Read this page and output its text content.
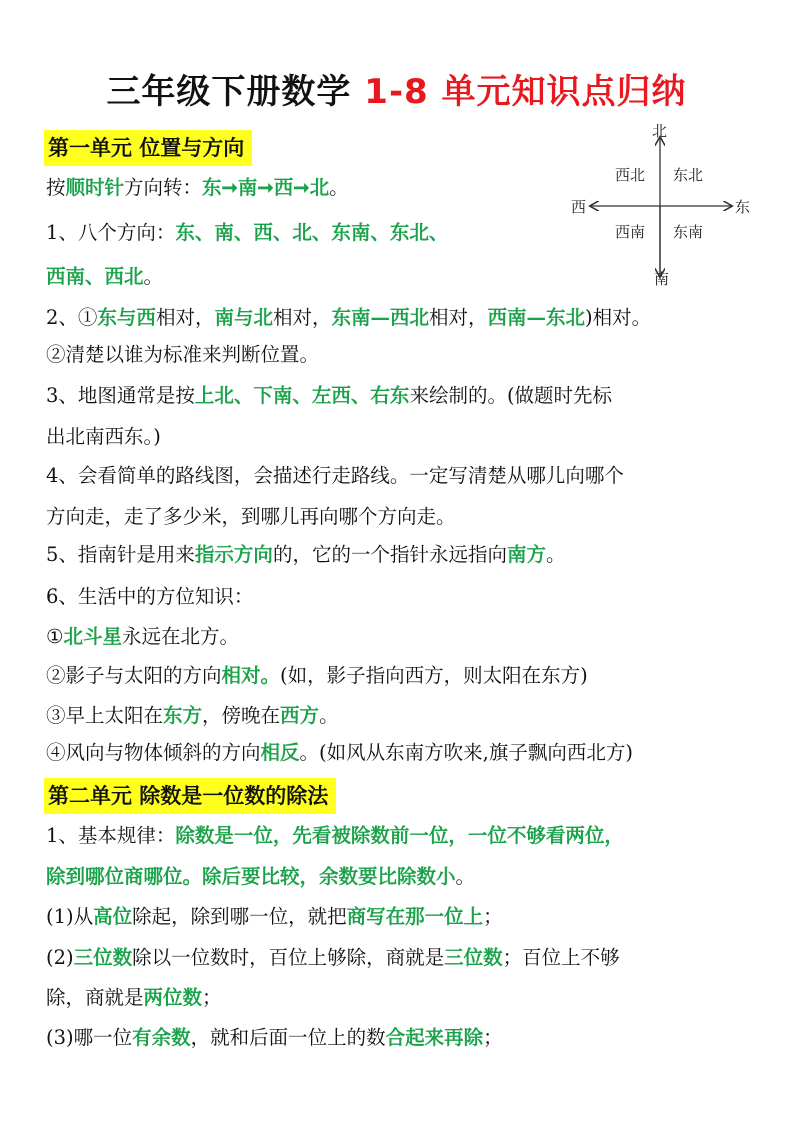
三年级下册数学 1-8 单元知识点归纳
北
南
西	东
西北 东北
西南 东南
第一单元 位置与方向
按顺时针方向转：东➞南➞西➞北。
1、八个方向：东、南、西、北、东南、东北、
西南、西北。
2、①东与西相对，南与北相对，东南—西北相对，西南—东北)相对。
②清楚以谁为标准来判断位置。
3、地图通常是按上北、下南、左西、右东来绘制的。(做题时先标
出北南西东。)
4、会看简单的路线图，会描述行走路线。一定写清楚从哪儿向哪个
方向走，走了多少米，到哪儿再向哪个方向走。
5、指南针是用来指示方向的，它的一个指针永远指向南方。
6、生活中的方位知识：
①北斗星永远在北方。
②影子与太阳的方向相对。(如，影子指向西方，则太阳在东方)
③早上太阳在东方，傍晚在西方。
④风向与物体倾斜的方向相反。(如风从东南方吹来,旗子飘向西北方)
第二单元 除数是一位数的除法
1、基本规律：除数是一位，先看被除数前一位，一位不够看两位，
除到哪位商哪位。除后要比较，余数要比除数小。
(1)从高位除起，除到哪一位，就把商写在那一位上；
(2)三位数除以一位数时，百位上够除，商就是三位数；百位上不够
除，商就是两位数；
(3)哪一位有余数，就和后面一位上的数合起来再除；
